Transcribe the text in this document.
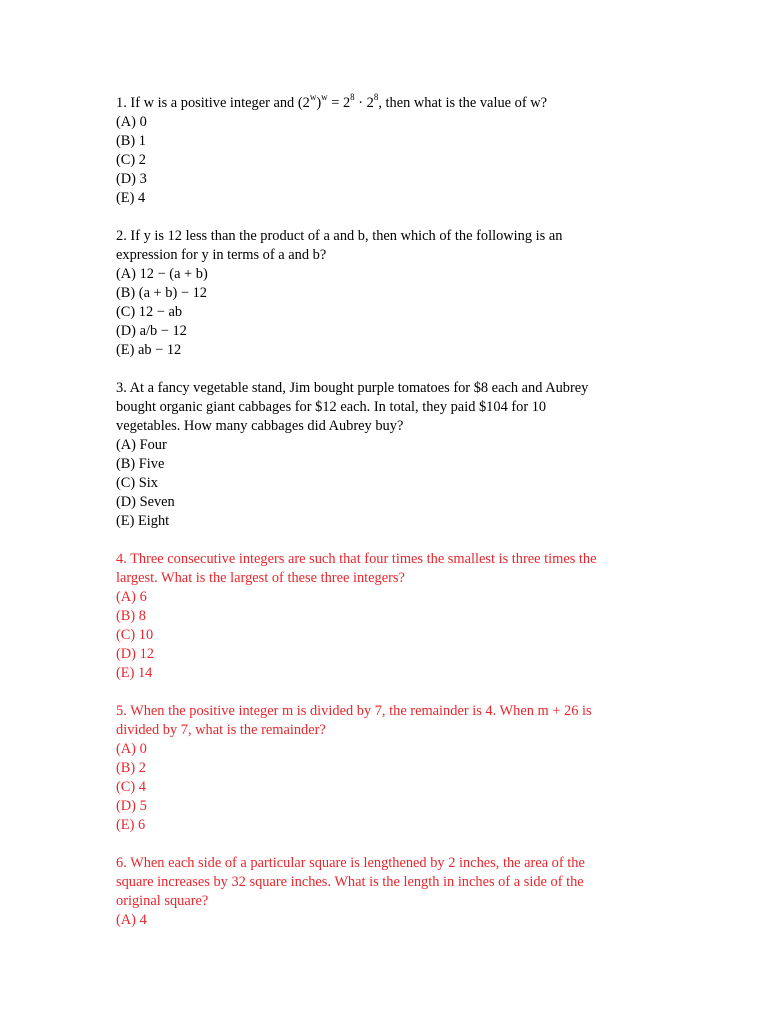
1. If w is a positive integer and $(2^w)^w = 2^8 \cdot 2^8$, then what is the value of w?
(A) 0
(B) 1
(C) 2
(D) 3
(E) 4
2. If y is 12 less than the product of a and b, then which of the following is an
expression for y in terms of a and b?
(A) 12 − (a + b)
(B) (a + b) − 12
(C) 12 − ab
(D) a/b − 12
(E) ab − 12
3. At a fancy vegetable stand, Jim bought purple tomatoes for $8 each and Aubrey
bought organic giant cabbages for $12 each. In total, they paid $104 for 10
vegetables. How many cabbages did Aubrey buy?
(A) Four
(B) Five
(C) Six
(D) Seven
(E) Eight
4. Three consecutive integers are such that four times the smallest is three times the
largest. What is the largest of these three integers?
(A) 6
(B) 8
(C) 10
(D) 12
(E) 14
5. When the positive integer m is divided by 7, the remainder is 4. When m + 26 is
divided by 7, what is the remainder?
(A) 0
(B) 2
(C) 4
(D) 5
(E) 6
6. When each side of a particular square is lengthened by 2 inches, the area of the
square increases by 32 square inches. What is the length in inches of a side of the
original square?
(A) 4
